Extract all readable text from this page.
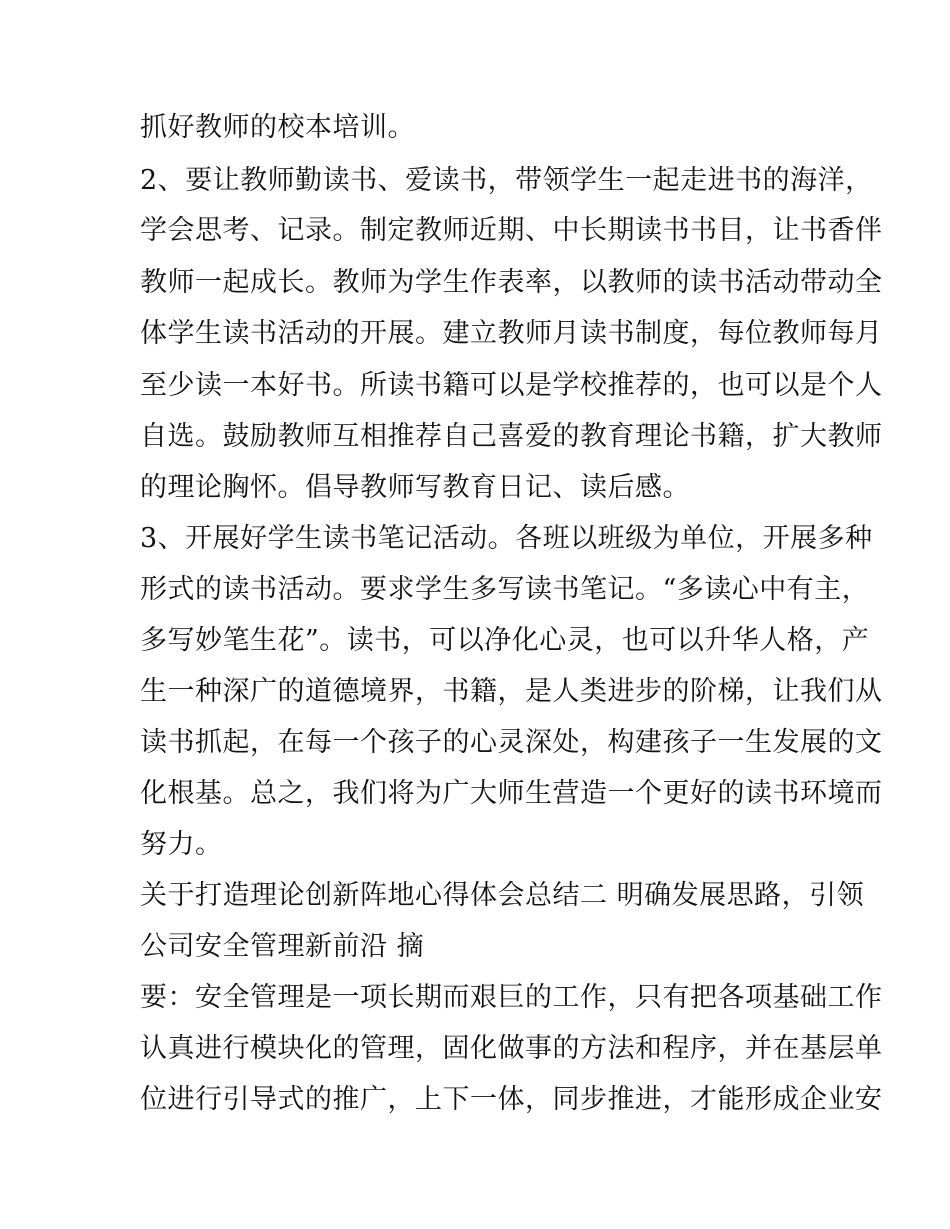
抓好教师的校本培训。
2、要让教师勤读书、爱读书，带领学生一起走进书的海洋，
学会思考、记录。制定教师近期、中长期读书书目，让书香伴
教师一起成长。教师为学生作表率，以教师的读书活动带动全
体学生读书活动的开展。建立教师月读书制度，每位教师每月
至少读一本好书。所读书籍可以是学校推荐的，也可以是个人
自选。鼓励教师互相推荐自己喜爱的教育理论书籍，扩大教师
的理论胸怀。倡导教师写教育日记、读后感。
3、开展好学生读书笔记活动。各班以班级为单位，开展多种
形式的读书活动。要求学生多写读书笔记。“多读心中有主，
多写妙笔生花”。读书，可以净化心灵，也可以升华人格，产
生一种深广的道德境界，书籍，是人类进步的阶梯，让我们从
读书抓起，在每一个孩子的心灵深处，构建孩子一生发展的文
化根基。总之，我们将为广大师生营造一个更好的读书环境而
努力。
关于打造理论创新阵地心得体会总结二 明确发展思路，引领
公司安全管理新前沿 摘
要：安全管理是一项长期而艰巨的工作，只有把各项基础工作
认真进行模块化的管理，固化做事的方法和程序，并在基层单
位进行引导式的推广，上下一体，同步推进，才能形成企业安
